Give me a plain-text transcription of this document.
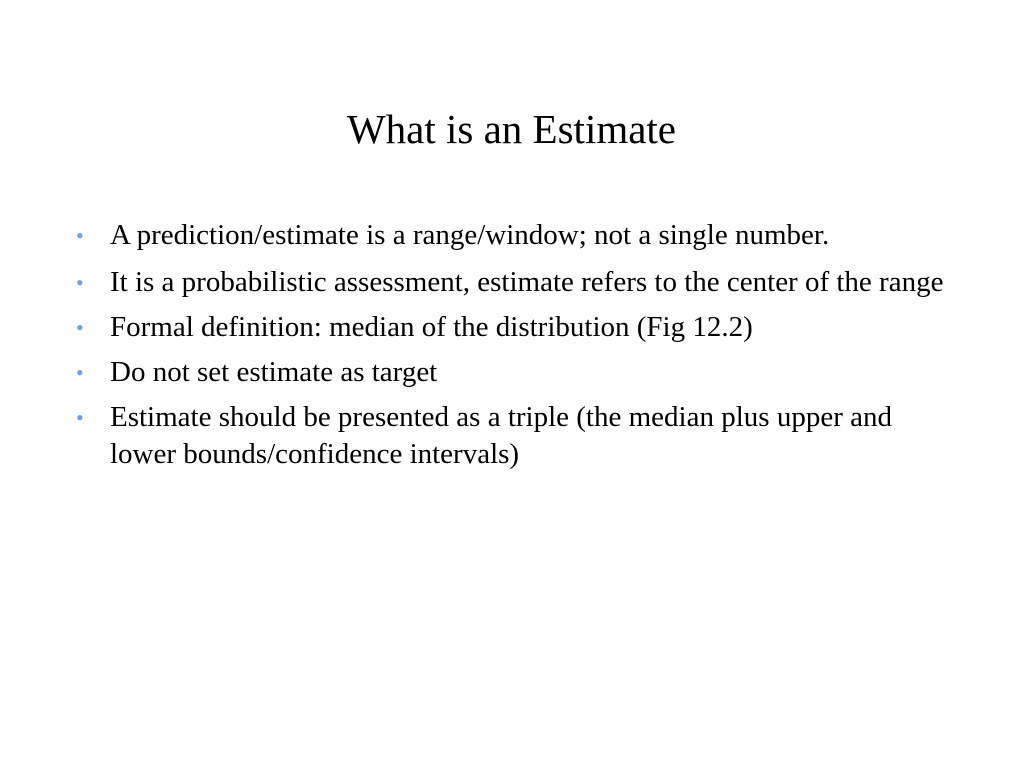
What is an Estimate
• A prediction/estimate is a range/window; not a single number.
• It is a probabilistic assessment, estimate refers to the center of the range
• Formal definition: median of the distribution (Fig 12.2)
• Do not set estimate as target
• Estimate should be presented as a triple (the median plus upper and lower bounds/confidence intervals)
